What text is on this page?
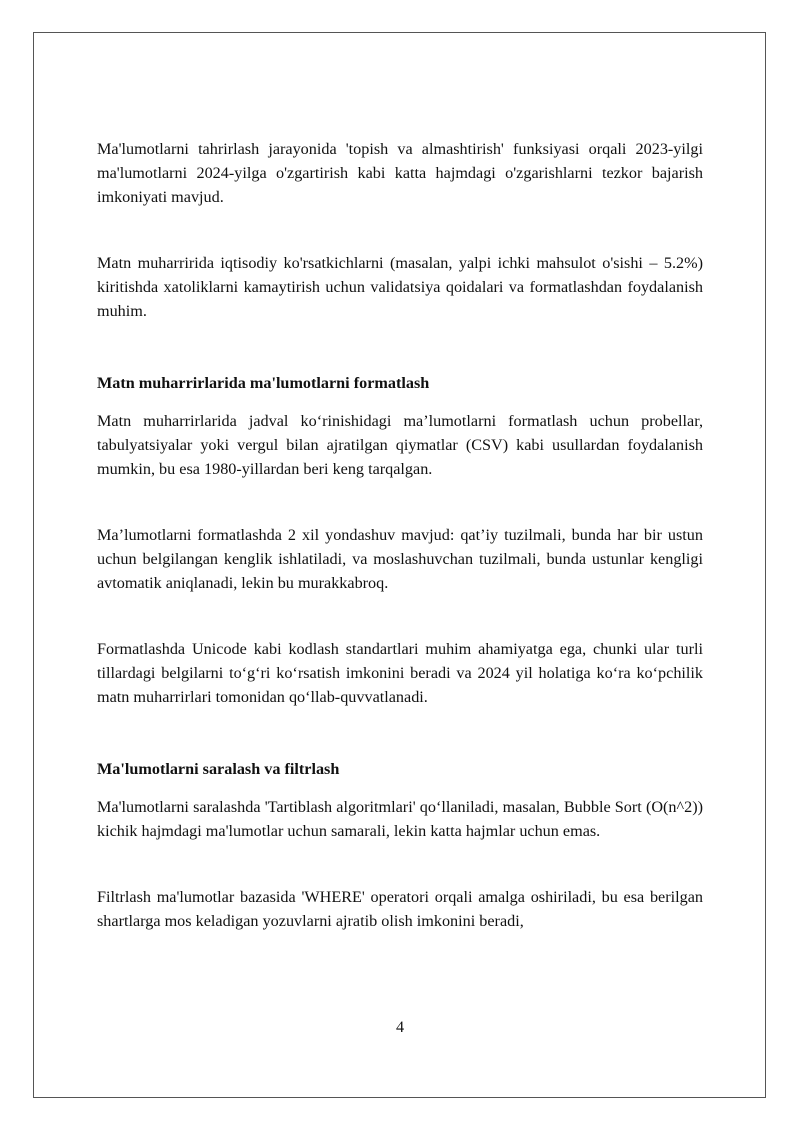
Ma'lumotlarni tahrirlash jarayonida 'topish va almashtirish' funksiyasi orqali 2023-yilgi ma'lumotlarni 2024-yilga o'zgartirish kabi katta hajmdagi o'zgarishlarni tezkor bajarish imkoniyati mavjud.

Matn muharririda iqtisodiy ko'rsatkichlarni (masalan, yalpi ichki mahsulot o'sishi – 5.2%) kiritishda xatoliklarni kamaytirish uchun validatsiya qoidalari va formatlashdan foydalanish muhim.

Matn muharrirlarida ma'lumotlarni formatlash

Matn muharrirlarida jadval koʻrinishidagi maʼlumotlarni formatlash uchun probellar, tabulyatsiyalar yoki vergul bilan ajratilgan qiymatlar (CSV) kabi usullardan foydalanish mumkin, bu esa 1980-yillardan beri keng tarqalgan.

Maʼlumotlarni formatlashda 2 xil yondashuv mavjud: qatʼiy tuzilmali, bunda har bir ustun uchun belgilangan kenglik ishlatiladi, va moslashuvchan tuzilmali, bunda ustunlar kengligi avtomatik aniqlanadi, lekin bu murakkabroq.

Formatlashda Unicode kabi kodlash standartlari muhim ahamiyatga ega, chunki ular turli tillardagi belgilarni toʻgʻri koʻrsatish imkonini beradi va 2024 yil holatiga koʻra koʻpchilik matn muharrirlari tomonidan qoʻllab-quvvatlanadi.

Ma'lumotlarni saralash va filtrlash

Ma'lumotlarni saralashda 'Tartiblash algoritmlari' qoʻllaniladi, masalan, Bubble Sort (O(n^2)) kichik hajmdagi ma'lumotlar uchun samarali, lekin katta hajmlar uchun emas.

Filtrlash ma'lumotlar bazasida 'WHERE' operatori orqali amalga oshiriladi, bu esa berilgan shartlarga mos keladigan yozuvlarni ajratib olish imkonini beradi,

4
